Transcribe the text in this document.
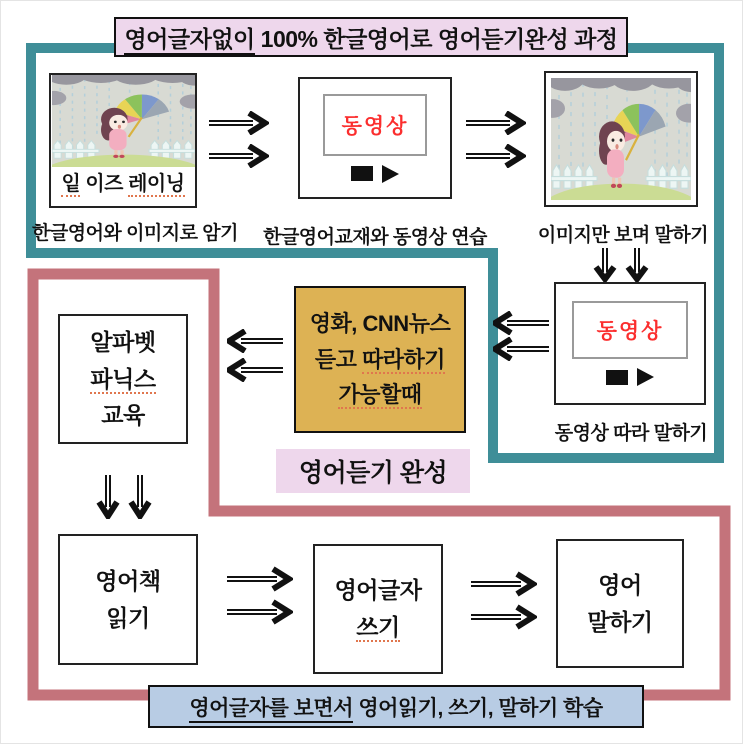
영어글자없이 100% 한글영어로 영어듣기완성 과정
잍 이즈 레이닝
한글영어와 이미지로 암기
동영상
한글영어교재와 동영상 연습	이미지만 보며 말하기
동영상
동영상 따라 말하기
영화, CNN뉴스
듣고 따라하기
가능할때
알파벳
파닉스
교육
영어듣기 완성
영어책
읽기
영어글자
쓰기
영어
말하기
영어글자를 보면서 영어읽기, 쓰기, 말하기 학습
